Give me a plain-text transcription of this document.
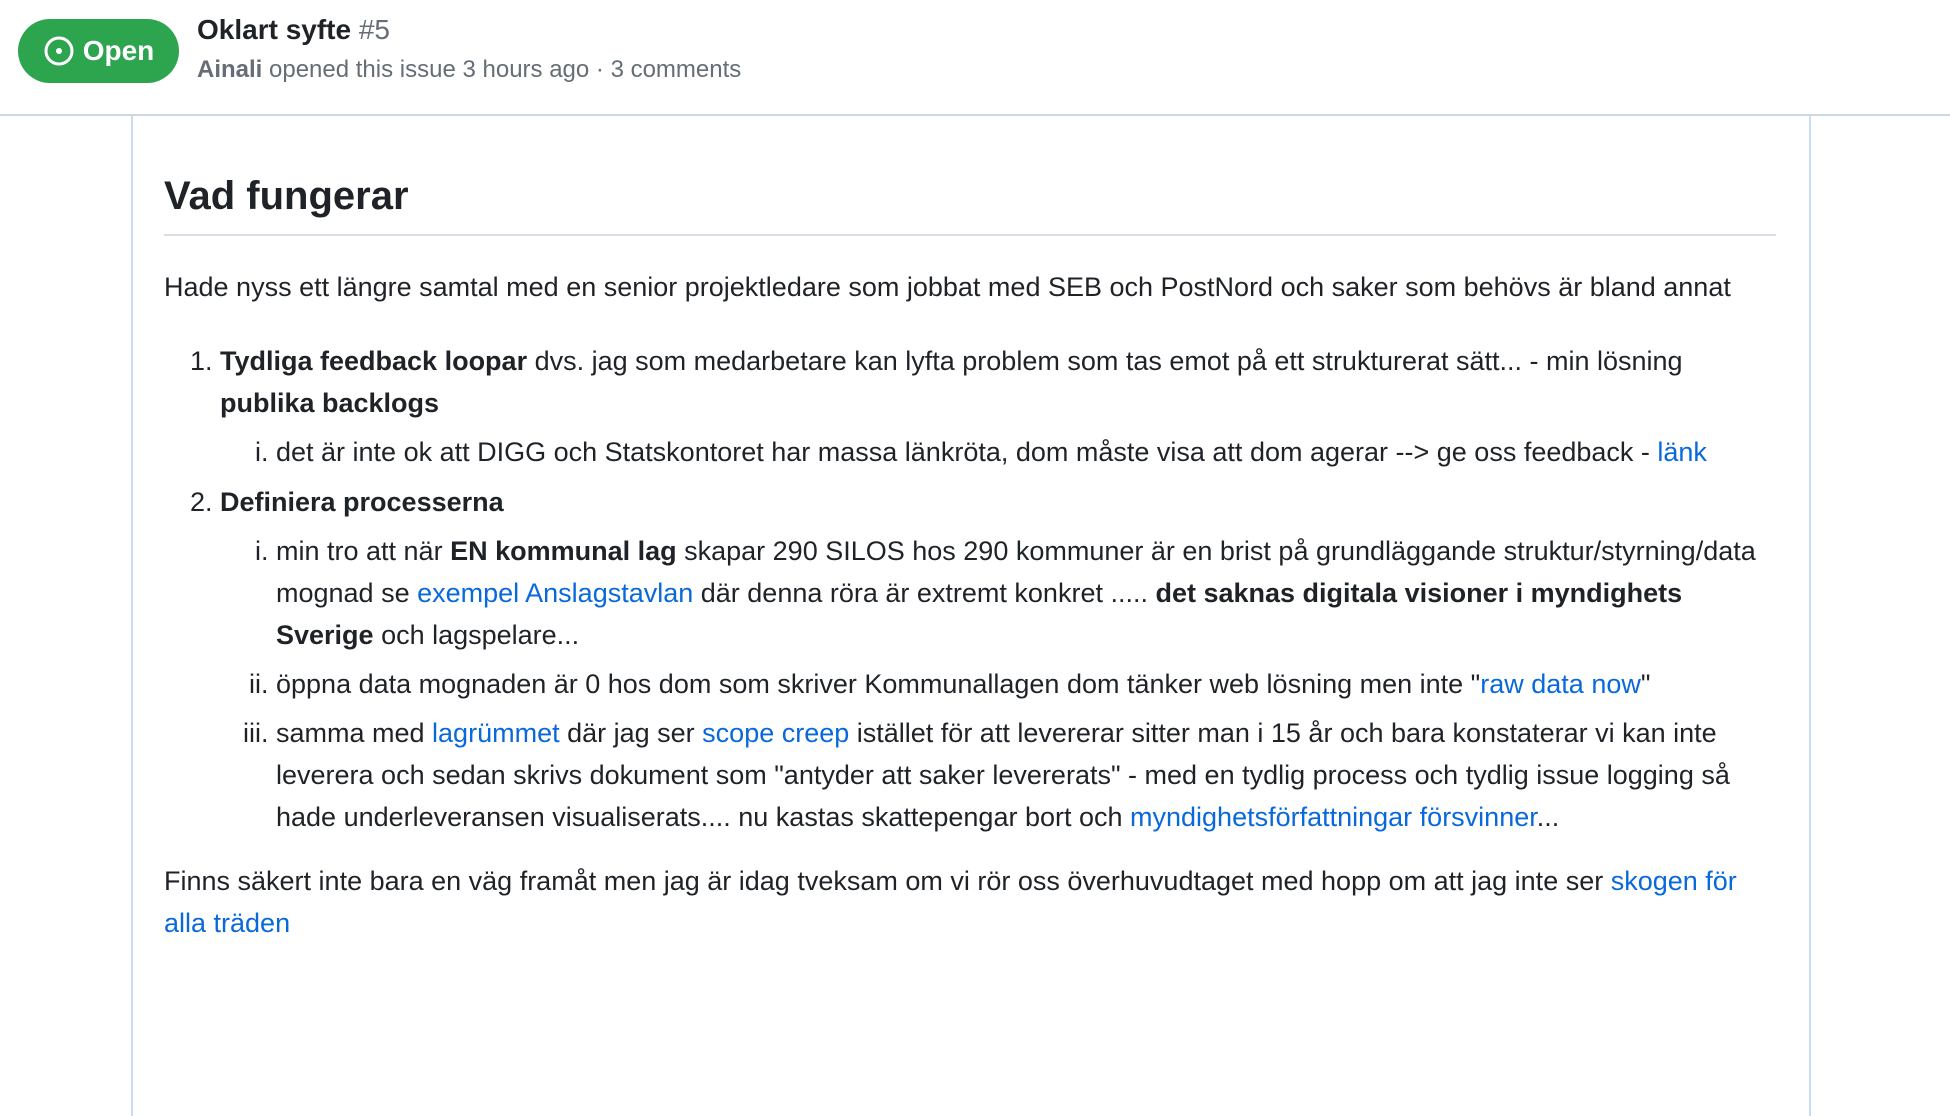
Open
Oklart syfte #5
Ainali opened this issue 3 hours ago · 3 comments
Vad fungerar

Hade nyss ett längre samtal med en senior projektledare som jobbat med SEB och PostNord och saker som behövs är bland annat

1. Tydliga feedback loopar dvs. jag som medarbetare kan lyfta problem som tas emot på ett strukturerat sätt... - min lösning publika backlogs
i. det är inte ok att DIGG och Statskontoret har massa länkröta, dom måste visa att dom agerar --> ge oss feedback - länk
2. Definiera processerna
i. min tro att när EN kommunal lag skapar 290 SILOS hos 290 kommuner är en brist på grundläggande struktur/styrning/data mognad se exempel Anslagstavlan där denna röra är extremt konkret ..... det saknas digitala visioner i myndighets Sverige och lagspelare...
ii. öppna data mognaden är 0 hos dom som skriver Kommunallagen dom tänker web lösning men inte "raw data now"
iii. samma med lagrümmet där jag ser scope creep istället för att levererar sitter man i 15 år och bara konstaterar vi kan inte leverera och sedan skrivs dokument som "antyder att saker levererats" - med en tydlig process och tydlig issue logging så hade underleveransen visualiserats.... nu kastas skattepengar bort och myndighetsförfattningar försvinner...

Finns säkert inte bara en väg framåt men jag är idag tveksam om vi rör oss överhuvudtaget med hopp om att jag inte ser skogen för alla träden
